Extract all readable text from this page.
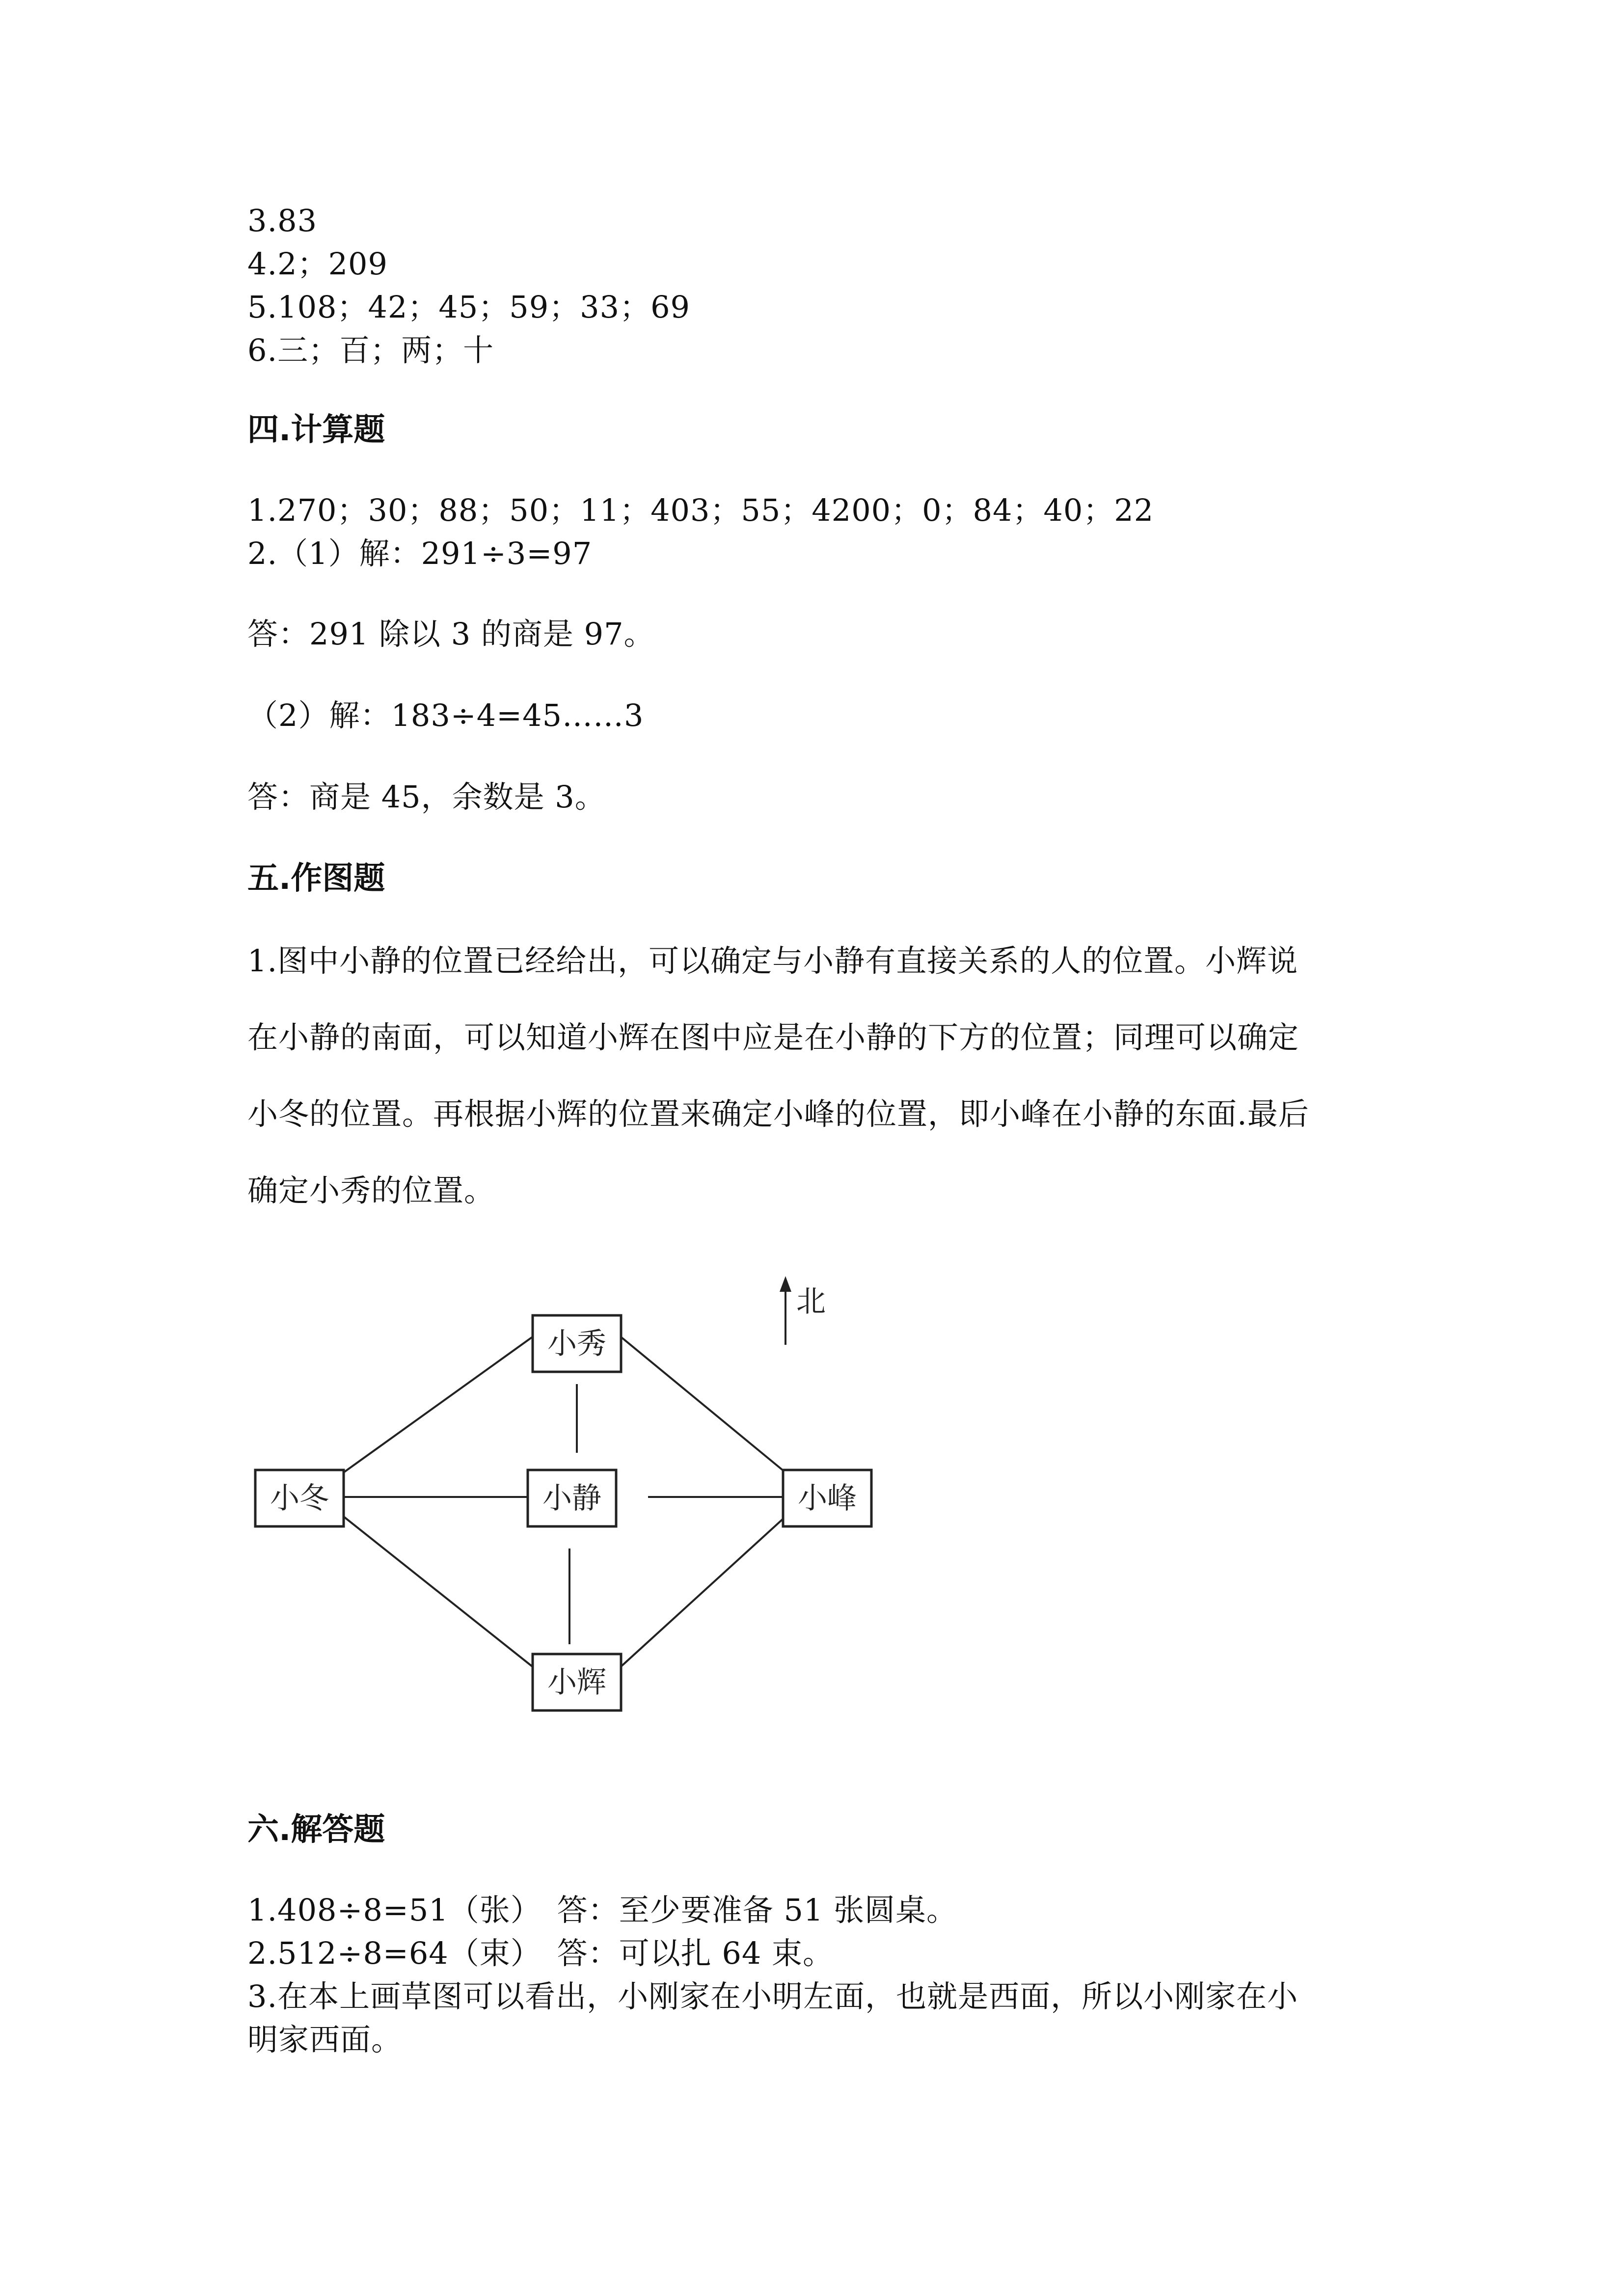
3.83
4.2；209
5.108；42；45；59；33；69
6.三；百；两；十
四.计算题
1.270；30；88；50；11；403；55；4200；0；84；40；22
2.（1）解：291÷3=97
答：291 除以 3 的商是 97。
（2）解：183÷4=45……3
答：商是 45，余数是 3。
五.作图题
1.图中小静的位置已经给出，可以确定与小静有直接关系的人的位置。小辉说
在小静的南面，可以知道小辉在图中应是在小静的下方的位置；同理可以确定
小冬的位置。再根据小辉的位置来确定小峰的位置，即小峰在小静的东面.最后
确定小秀的位置。
北
小秀
小冬	小静	小峰
小辉
六.解答题
1.408÷8=51（张）　答：至少要准备 51 张圆桌。
2.512÷8=64（束）　答：可以扎 64 束。
3.在本上画草图可以看出，小刚家在小明左面，也就是西面，所以小刚家在小
明家西面。
